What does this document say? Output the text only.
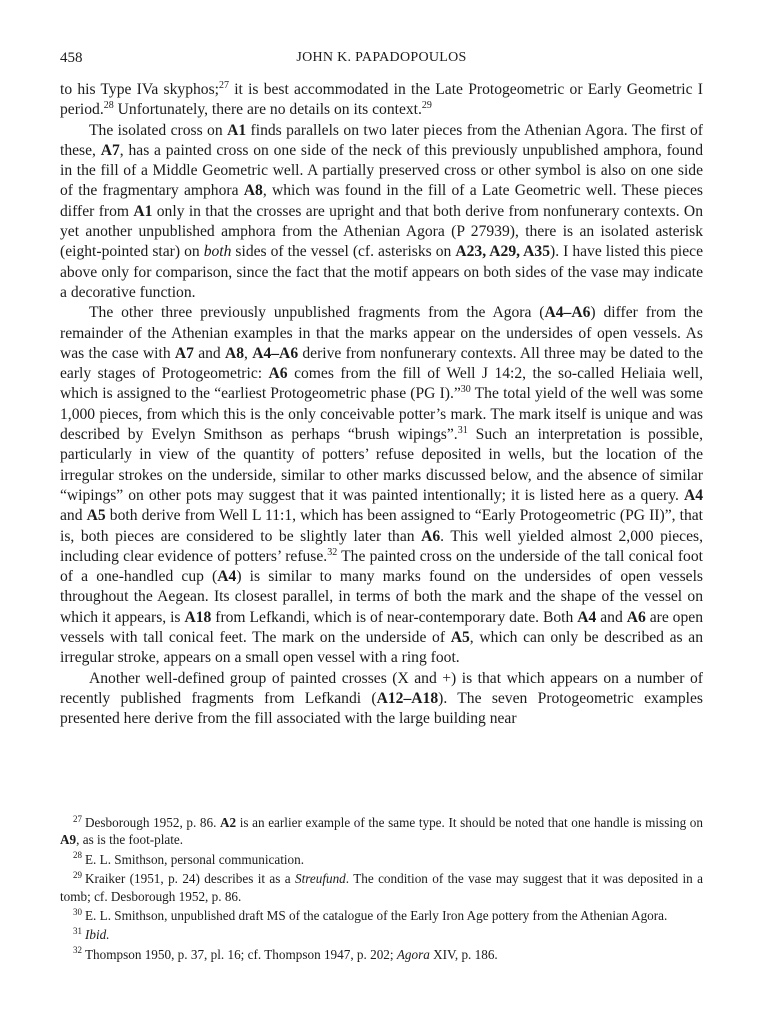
458	JOHN K. PAPADOPOULOS

to his Type IVa skyphos;$^{27}$ it is best accommodated in the Late Protogeometric or Early Geometric I period.$^{28}$ Unfortunately, there are no details on its context.$^{29}$

The isolated cross on A1 finds parallels on two later pieces from the Athenian Agora. The first of these, A7, has a painted cross on one side of the neck of this previously unpublished amphora, found in the fill of a Middle Geometric well. A partially preserved cross or other symbol is also on one side of the fragmentary amphora A8, which was found in the fill of a Late Geometric well. These pieces differ from A1 only in that the crosses are upright and that both derive from nonfunerary contexts. On yet another unpublished amphora from the Athenian Agora (P 27939), there is an isolated asterisk (eight-pointed star) on both sides of the vessel (cf. asterisks on A23, A29, A35). I have listed this piece above only for comparison, since the fact that the motif appears on both sides of the vase may indicate a decorative function.

The other three previously unpublished fragments from the Agora (A4–A6) differ from the remainder of the Athenian examples in that the marks appear on the undersides of open vessels. As was the case with A7 and A8, A4–A6 derive from nonfunerary contexts. All three may be dated to the early stages of Protogeometric: A6 comes from the fill of Well J 14:2, the so-called Heliaia well, which is assigned to the “earliest Protogeometric phase (PG I).”$^{30}$ The total yield of the well was some 1,000 pieces, from which this is the only conceivable potter’s mark. The mark itself is unique and was described by Evelyn Smithson as perhaps “brush wipings”.$^{31}$ Such an interpretation is possible, particularly in view of the quantity of potters’ refuse deposited in wells, but the location of the irregular strokes on the underside, similar to other marks discussed below, and the absence of similar “wipings” on other pots may suggest that it was painted intentionally; it is listed here as a query. A4 and A5 both derive from Well L 11:1, which has been assigned to “Early Protogeometric (PG II)”, that is, both pieces are considered to be slightly later than A6. This well yielded almost 2,000 pieces, including clear evidence of potters’ refuse.$^{32}$ The painted cross on the underside of the tall conical foot of a one-handled cup (A4) is similar to many marks found on the undersides of open vessels throughout the Aegean. Its closest parallel, in terms of both the mark and the shape of the vessel on which it appears, is A18 from Lefkandi, which is of near-contemporary date. Both A4 and A6 are open vessels with tall conical feet. The mark on the underside of A5, which can only be described as an irregular stroke, appears on a small open vessel with a ring foot.

Another well-defined group of painted crosses (X and +) is that which appears on a number of recently published fragments from Lefkandi (A12–A18). The seven Protogeometric examples presented here derive from the fill associated with the large building near

$^{27}$ Desborough 1952, p. 86. A2 is an earlier example of the same type. It should be noted that one handle is missing on A9, as is the foot-plate.

$^{28}$ E. L. Smithson, personal communication.

$^{29}$ Kraiker (1951, p. 24) describes it as a Streufund. The condition of the vase may suggest that it was deposited in a tomb; cf. Desborough 1952, p. 86.

$^{30}$ E. L. Smithson, unpublished draft MS of the catalogue of the Early Iron Age pottery from the Athenian Agora.

$^{31}$ Ibid.

$^{32}$ Thompson 1950, p. 37, pl. 16; cf. Thompson 1947, p. 202; Agora XIV, p. 186.
